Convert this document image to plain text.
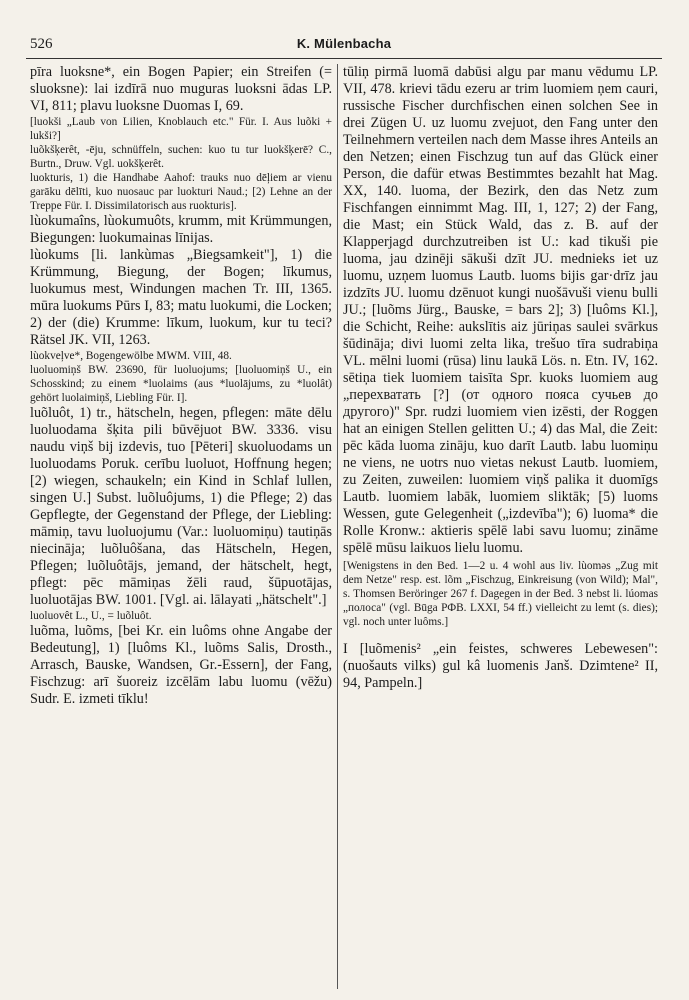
526	K. Mülenbacha

pīrа luoksne*, ein Bogen Papier; ein Streifen (= sluoksne): lai izdīrā nuo muguras luoksni ādas LP. VI, 811; plavu luoksne Duomas I, 69.

[luokši „Laub von Lilien, Knoblauch etc." Für. I. Aus luõki + lukši?]

luõkšķerêt, -ēju, schnüffeln, suchen: kuo tu tur luokšķerē? C., Burtn., Druw. Vgl. uokšķerêt.

luokturis, 1) die Handhabe Aahof: trauks nuo dēļiem ar vienu garāku dēlīti, kuo nuosauc par luokturi Naud.; [2) Lehne an der Treppe Für. I. Dissimilatorisch aus ruokturis].

lùokumaîns, lùokumuôts, krumm, mit Krümmungen, Biegungen: luokumainas līnijas.

lùokums [li. lankùmas „Biegsamkeit"], 1) die Krümmung, Biegung, der Bogen; līkumus, luokumus mest, Windungen machen Tr. III, 1365. mūra luokums Pūrs I, 83; matu luokumi, die Locken; 2) der (die) Krumme: līkum, luokum, kur tu teci? Rätsel JK. VII, 1263.

lùokveļve*, Bogengewölbe MWM. VIII, 48.

luoluomiņš BW. 23690, für luoluojums; [luoluomiņš U., ein Schosskind; zu einem *luolaims (aus *luolājums, zu *luolât) gehört luolaimiņš, Liebling Für. I].

luõluôt, 1) tr., hätscheln, hegen, pflegen: māte dēlu luoluodama šķita pili būvējuot BW. 3336. visu naudu viņš bij izdevis, tuo [Pēteri] skuoluodams un luoluodams Poruk. cerību luoluot, Hoffnung hegen; [2) wiegen, schaukeln; ein Kind in Schlaf lullen, singen U.] Subst. luõluôjums, 1) die Pflege; 2) das Gepflegte, der Gegenstand der Pflege, der Liebling: māmiņ, tavu luoluojumu (Var.: luoluomiņu) tautiņās niecināja; luõluôšana, das Hätscheln, Hegen, Pflegen; luõluôtājs, jemand, der hätschelt, hegt, pflegt: pēc māmiņas žēli raud, šūpuotājas, luoluotājas BW. 1001. [Vgl. ai. lālayati „hätschelt".]

luoluovêt L., U., = luõluôt.

luõma, luõms, [bei Kr. ein luôms ohne Angabe der Bedeutung], 1) [luôms Kl., luõms Salis, Drosth., Arrasch, Bauske, Wandsen, Gr.-Essern], der Fang, Fischzug: arī šuoreiz izcēlām labu luomu (vēžu) Sudr. E. izmeti tīklu!

tūliņ pirmā luomā dabūsi algu par manu vēdumu LP. VII, 478. krievi tādu ezeru ar trim luomiem ņem cauri, russische Fischer durchfischen einen solchen See in drei Zügen U. uz luomu zvejuot, den Fang unter den Teilnehmern verteilen nach dem Masse ihres Anteils an den Netzen; einen Fischzug tun auf das Glück einer Person, die dafür etwas Bestimmtes bezahlt hat Mag. XX, 140. luoma, der Bezirk, den das Netz zum Fischfangen einnimmt Mag. III, 1, 127; 2) der Fang, die Mast; ein Stück Wald, das z. B. auf der Klapperjagd durchzutreiben ist U.: kad tikuši pie luoma, jau dzinēji sākuši dzīt JU. mednieks iet uz luomu, uzņem luomus Lautb. luoms bijis gar·drīz jau izdzīts JU. luomu dzēnuot kungi nuošāvuši vienu bulli JU.; [luõms Jürg., Bauske, = bars 2]; 3) [luôms Kl.], die Schicht, Reihe: aukslītis aiz jūriņas saulei svārkus šūdināja; divi luomi zelta lika, trešuo tīra sudrabiņa VL. mēlni luomi (rūsa) linu laukā Lös. n. Etn. IV, 162. sētiņa tiek luomiem taisīta Spr. kuoks luomiem aug „перехватать [?] (от одного пояса сучьев до другого)" Spr. rudzi luomiem vien izēsti, der Roggen hat an einigen Stellen gelitten U.; 4) das Mal, die Zeit: pēc kāda luoma zināju, kuo darīt Lautb. labu luomiņu ne viens, ne uotrs nuo vietas nekust Lautb. luomiem, zu Zeiten, zuweilen: luomiem viņš palika it duomīgs Lautb. luomiem labāk, luomiem sliktāk; [5) luoms Wessen, gute Gelegenheit („izdevība"); 6) luoma* die Rolle Kronw.: aktieris spēlē labi savu luomu; zināme spēlē mūsu laikuos lielu luomu.

[Wenigstens in den Bed. 1—2 u. 4 wohl aus liv. lùomǝs „Zug mit dem Netze" resp. est. lõm „Fischzug, Einkreisung (von Wild); Mal", s. Thomsen Beröringer 267 f. Dagegen in der Bed. 3 nebst li. lúomas „полоса" (vgl. Būga РФВ. LXXI, 54 ff.) vielleicht zu lemt (s. dies); vgl. noch unter luôms.]

I [luõmenis² „ein feistes, schweres Lebewesen": (nuošauts vilks) gul kâ luomenis Janš. Dzimtene² II, 94, Pampeln.]
